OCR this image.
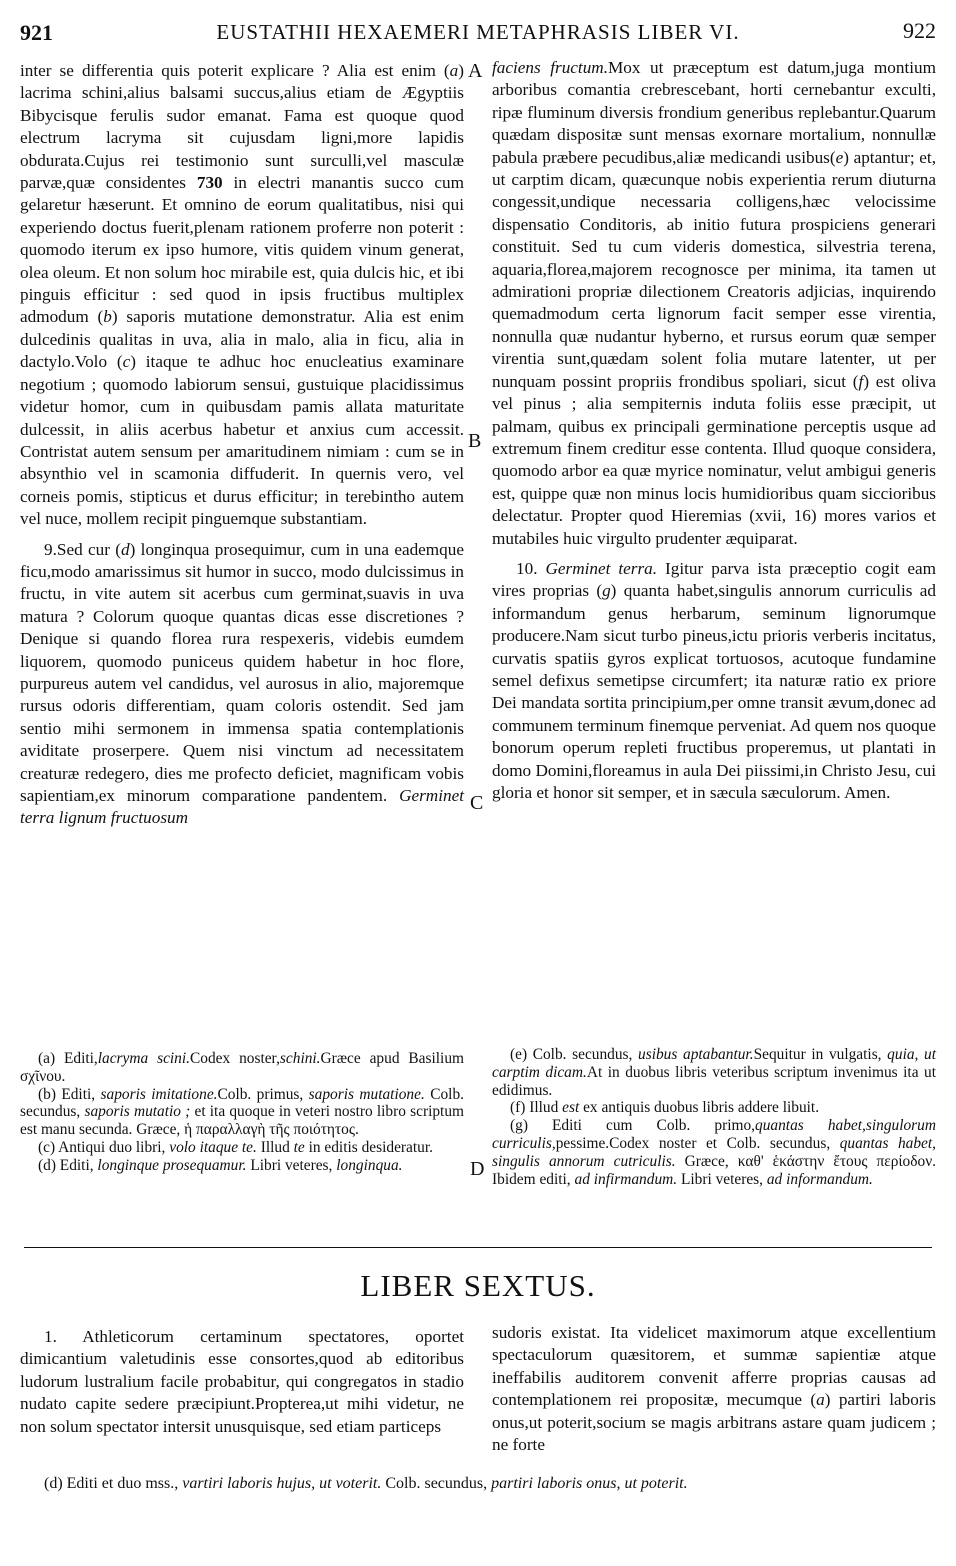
921	EUSTATHII HEXAEMERI METAPHRASIS LIBER VI.	922
A
B
C
D

inter se differentia quis poterit explicare ? Alia est enim (a) lacrima schini,alius balsami succus,alius etiam de Ægyptiis Bibycisque ferulis sudor emanat. Fama est quoque quod electrum lacryma sit cujusdam ligni,more lapidis obdurata.Cujus rei testimonio sunt surculli,vel masculæ parvæ,quæ considentes 730 in electri manantis succo cum gelaretur hæserunt. Et omnino de eorum qualitatibus, nisi qui experiendo doctus fuerit,plenam rationem proferre non poterit : quomodo iterum ex ipso humore, vitis quidem vinum generat, olea oleum. Et non solum hoc mirabile est, quia dulcis hic, et ibi pinguis efficitur : sed quod in ipsis fructibus multiplex admodum (b) saporis mutatione demonstratur. Alia est enim dulcedinis qualitas in uva, alia in malo, alia in ficu, alia in dactylo.Volo (c) itaque te adhuc hoc enucleatius examinare negotium ; quomodo labiorum sensui, gustuique placidissimus videtur homor, cum in quibusdam pamis allata maturitate dulcessit, in aliis acerbus habetur et anxius cum accessit. Contristat autem sensum per amaritudinem nimiam : cum se in absynthio vel in scamonia diffuderit. In quernis vero, vel corneis pomis, stipticus et durus efficitur; in terebintho autem vel nuce, mollem recipit pinguemque substantiam.

9.Sed cur (d) longinqua prosequimur, cum in una eademque ficu,modo amarissimus sit humor in succo, modo dulcissimus in fructu, in vite autem sit acerbus cum germinat,suavis in uva matura ? Colorum quoque quantas dicas esse discretiones ? Denique si quando florea rura respexeris, videbis eumdem liquorem, quomodo puniceus quidem habetur in hoc flore, purpureus autem vel candidus, vel aurosus in alio, majoremque rursus odoris differentiam, quam coloris ostendit. Sed jam sentio mihi sermonem in immensa spatia contemplationis aviditate proserpere. Quem nisi vinctum ad necessitatem creaturæ redegero, dies me profecto deficiet, magnificam vobis sapientiam,ex minorum comparatione pandentem. Germinet terra lignum fructuosum

faciens fructum.Mox ut præceptum est datum,juga montium arboribus comantia crebrescebant, horti cernebantur exculti, ripæ fluminum diversis frondium generibus replebantur.Quarum quædam dispositæ sunt mensas exornare mortalium, nonnullæ pabula præbere pecudibus,aliæ medicandi usibus(e) aptantur; et, ut carptim dicam, quæcunque nobis experientia rerum diuturna congessit,undique necessaria colligens,hæc velocissime dispensatio Conditoris, ab initio futura prospiciens generari constituit. Sed tu cum videris domestica, silvestria terena, aquaria,florea,majorem recognosce per minima, ita tamen ut admirationi propriæ dilectionem Creatoris adjicias, inquirendo quemadmodum certa lignorum facit semper esse virentia, nonnulla quæ nudantur hyberno, et rursus eorum quæ semper virentia sunt,quædam solent folia mutare latenter, ut per nunquam possint propriis frondibus spoliari, sicut (f) est oliva vel pinus ; alia sempiternis induta foliis esse præcipit, ut palmam, quibus ex principali germinatione perceptis usque ad extremum finem creditur esse contenta. Illud quoque considera, quomodo arbor ea quæ myrice nominatur, velut ambigui generis est, quippe quæ non minus locis humidioribus quam siccioribus delectatur. Propter quod Hieremias (xvii, 16) mores varios et mutabiles huic virgulto prudenter æquiparat.

10. Germinet terra. Igitur parva ista præceptio cogit eam vires proprias (g) quanta habet,singulis annorum curriculis ad informandum genus herbarum, seminum lignorumque producere.Nam sicut turbo pineus,ictu prioris verberis incitatus, curvatis spatiis gyros explicat tortuosos, acutoque fundamine semel defixus semetipse circumfert; ita naturæ ratio ex priore Dei mandata sortita principium,per omne transit ævum,donec ad communem terminum finemque perveniat. Ad quem nos quoque bonorum operum repleti fructibus properemus, ut plantati in domo Domini,floreamus in aula Dei piissimi,in Christo Jesu, cui gloria et honor sit semper, et in sæcula sæculorum. Amen.

(a) Editi,lacryma scini.Codex noster,schini.Græce apud Basilium σχῖνου.

(b) Editi, saporis imitatione.Colb. primus, saporis mutatione. Colb. secundus, saporis mutatio ; et ita quoque in veteri nostro libro scriptum est manu secunda. Græce, ἡ παραλλαγὴ τῆς ποιότητος.

(c) Antiqui duo libri, volo itaque te. Illud te in editis desideratur.

(d) Editi, longinque prosequamur. Libri veteres, longinqua.

(e) Colb. secundus, usibus aptabantur.Sequitur in vulgatis, quia, ut carptim dicam.At in duobus libris veteribus scriptum invenimus ita ut edidimus.

(f) Illud est ex antiquis duobus libris addere libuit.

(g) Editi cum Colb. primo,quantas habet,singulorum curriculis,pessime.Codex noster et Colb. secundus, quantas habet, singulis annorum cutriculis. Græce, καθ' ἑκάστην ἔτους περίοδον. Ibidem editi, ad infirmandum. Libri veteres, ad informandum.

LIBER SEXTUS.

1. Athleticorum certaminum spectatores, oportet dimicantium valetudinis esse consortes,quod ab editoribus ludorum lustralium facile probabitur, qui congregatos in stadio nudato capite sedere præcipiunt.Propterea,ut mihi videtur, ne non solum spectator intersit unusquisque, sed etiam particeps

sudoris existat. Ita videlicet maximorum atque excellentium spectaculorum quæsitorem, et summæ sapientiæ atque ineffabilis auditorem convenit afferre proprias causas ad contemplationem rei propositæ, mecumque (a) partiri laboris onus,ut poterit,socium se magis arbitrans astare quam judicem ; ne forte

(d) Editi et duo mss., vartiri laboris hujus, ut voterit. Colb. secundus, partiri laboris onus, ut poterit.
